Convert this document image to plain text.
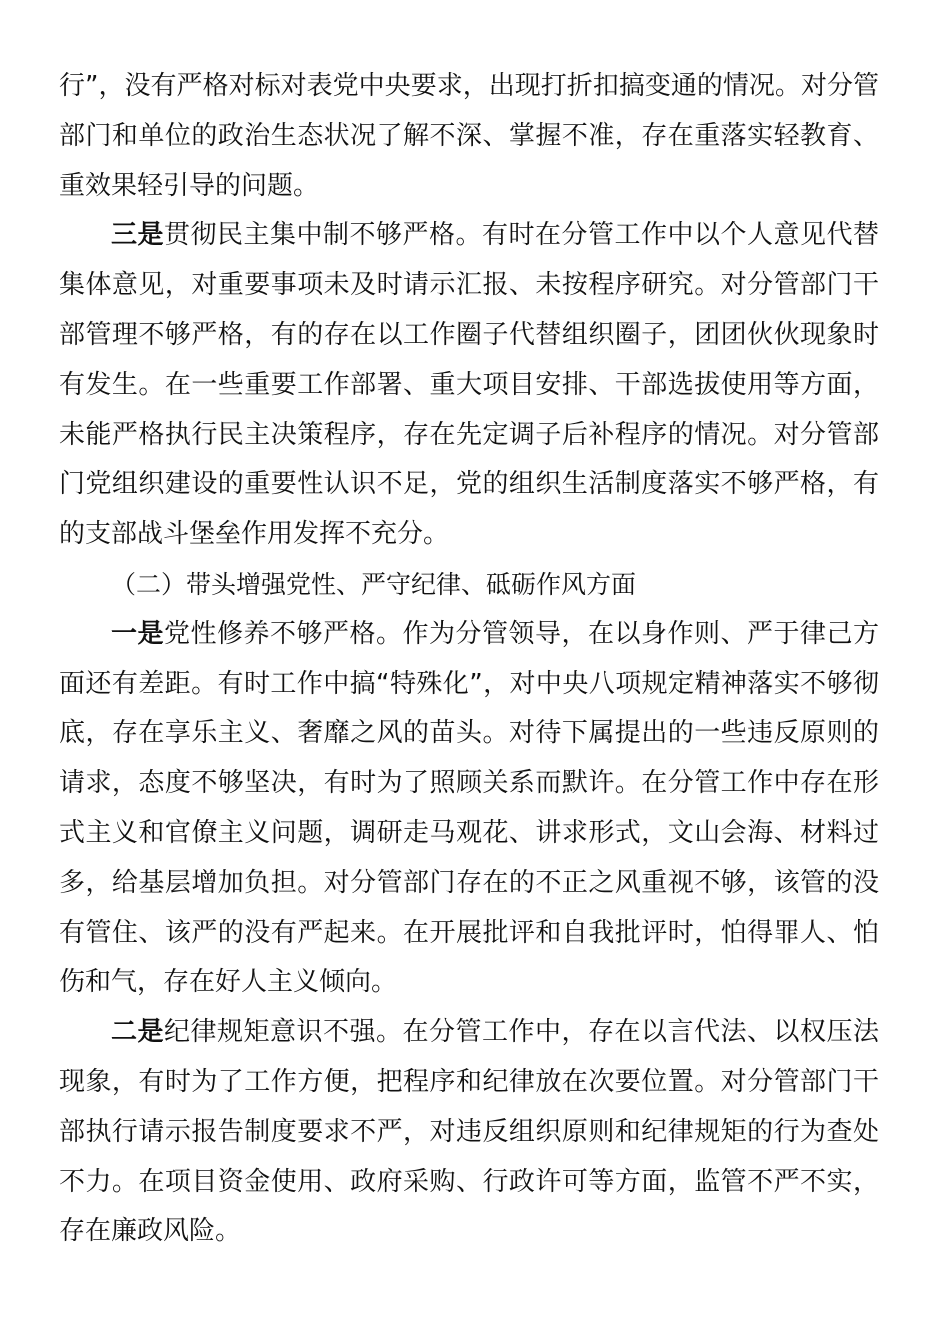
行”，没有严格对标对表党中央要求，出现打折扣搞变通的情况。对分管部门和单位的政治生态状况了解不深、掌握不准，存在重落实轻教育、重效果轻引导的问题。

三是贯彻民主集中制不够严格。有时在分管工作中以个人意见代替集体意见，对重要事项未及时请示汇报、未按程序研究。对分管部门干部管理不够严格，有的存在以工作圈子代替组织圈子，团团伙伙现象时有发生。在一些重要工作部署、重大项目安排、干部选拔使用等方面，未能严格执行民主决策程序，存在先定调子后补程序的情况。对分管部门党组织建设的重要性认识不足，党的组织生活制度落实不够严格，有的支部战斗堡垒作用发挥不充分。

（二）带头增强党性、严守纪律、砥砺作风方面

一是党性修养不够严格。作为分管领导，在以身作则、严于律己方面还有差距。有时工作中搞“特殊化”，对中央八项规定精神落实不够彻底，存在享乐主义、奢靡之风的苗头。对待下属提出的一些违反原则的请求，态度不够坚决，有时为了照顾关系而默许。在分管工作中存在形式主义和官僚主义问题，调研走马观花、讲求形式，文山会海、材料过多，给基层增加负担。对分管部门存在的不正之风重视不够，该管的没有管住、该严的没有严起来。在开展批评和自我批评时，怕得罪人、怕伤和气，存在好人主义倾向。

二是纪律规矩意识不强。在分管工作中，存在以言代法、以权压法现象，有时为了工作方便，把程序和纪律放在次要位置。对分管部门干部执行请示报告制度要求不严，对违反组织原则和纪律规矩的行为查处不力。在项目资金使用、政府采购、行政许可等方面，监管不严不实，存在廉政风险。
